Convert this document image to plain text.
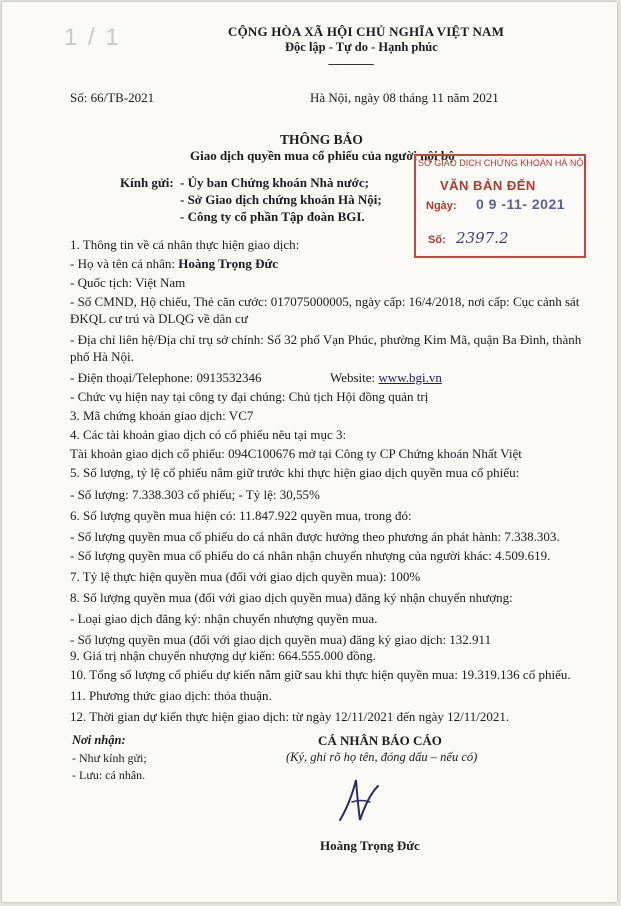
1 / 1	CỘNG HÒA XÃ HỘI CHỦ NGHĨA VIỆT NAM
Độc lập - Tự do - Hạnh phúc
-----------------
Số: 66/TB-2021	Hà Nội, ngày 08 tháng 11 năm 2021
THÔNG BÁO
Giao dịch quyền mua cổ phiếu của người nội bộ
Kính gửi: - Ủy ban Chứng khoán Nhà nước;
- Sở Giao dịch chứng khoán Hà Nội;
- Công ty cổ phần Tập đoàn BGI.
SỞ GIAO DỊCH CHỨNG KHOÁN HÀ NỘI
VĂN BẢN ĐẾN
Ngày: 0 9 -11- 2021
Số: 2397.2
1. Thông tin về cá nhân thực hiện giao dịch:
- Họ và tên cá nhân: Hoàng Trọng Đức
- Quốc tịch: Việt Nam
- Số CMND, Hộ chiếu, Thẻ căn cước: 017075000005, ngày cấp: 16/4/2018, nơi cấp: Cục cảnh sát ĐKQL cư trú và DLQG về dân cư
- Địa chỉ liên hệ/Địa chỉ trụ sở chính: Số 32 phố Vạn Phúc, phường Kim Mã, quận Ba Đình, thành phố Hà Nội.
- Điện thoại/Telephone: 0913532346	Website: www.bgi.vn
- Chức vụ hiện nay tại công ty đại chúng: Chủ tịch Hội đồng quản trị
3. Mã chứng khoán giao dịch: VC7
4. Các tài khoản giao dịch có cổ phiếu nêu tại mục 3:
Tài khoản giao dịch cổ phiếu: 094C100676 mở tại Công ty CP Chứng khoán Nhất Việt
5. Số lượng, tỷ lệ cổ phiếu nắm giữ trước khi thực hiện giao dịch quyền mua cổ phiếu:
- Số lượng: 7.338.303 cổ phiếu; - Tỷ lệ: 30,55%
6. Số lượng quyền mua hiện có: 11.847.922 quyền mua, trong đó:
- Số lượng quyền mua cổ phiếu do cá nhân được hưởng theo phương án phát hành: 7.338.303.
- Số lượng quyền mua cổ phiếu do cá nhân nhận chuyển nhượng của người khác: 4.509.619.
7. Tỷ lệ thực hiện quyền mua (đối với giao dịch quyền mua): 100%
8. Số lượng quyền mua (đối với giao dịch quyền mua) đăng ký nhận chuyển nhượng:
- Loại giao dịch đăng ký: nhận chuyển nhượng quyền mua.
- Số lượng quyền mua (đối với giao dịch quyền mua) đăng ký giao dịch: 132.911
9. Giá trị nhận chuyển nhượng dự kiến: 664.555.000 đồng.
10. Tổng số lượng cổ phiếu dự kiến nắm giữ sau khi thực hiện quyền mua: 19.319.136 cổ phiếu.
11. Phương thức giao dịch: thỏa thuận.
12. Thời gian dự kiến thực hiện giao dịch: từ ngày 12/11/2021 đến ngày 12/11/2021.
Nơi nhận:
- Như kính gửi;
- Lưu: cá nhân.
CÁ NHÂN BÁO CÁO
(Ký, ghi rõ họ tên, đóng dấu – nếu có)
Hoàng Trọng Đức
